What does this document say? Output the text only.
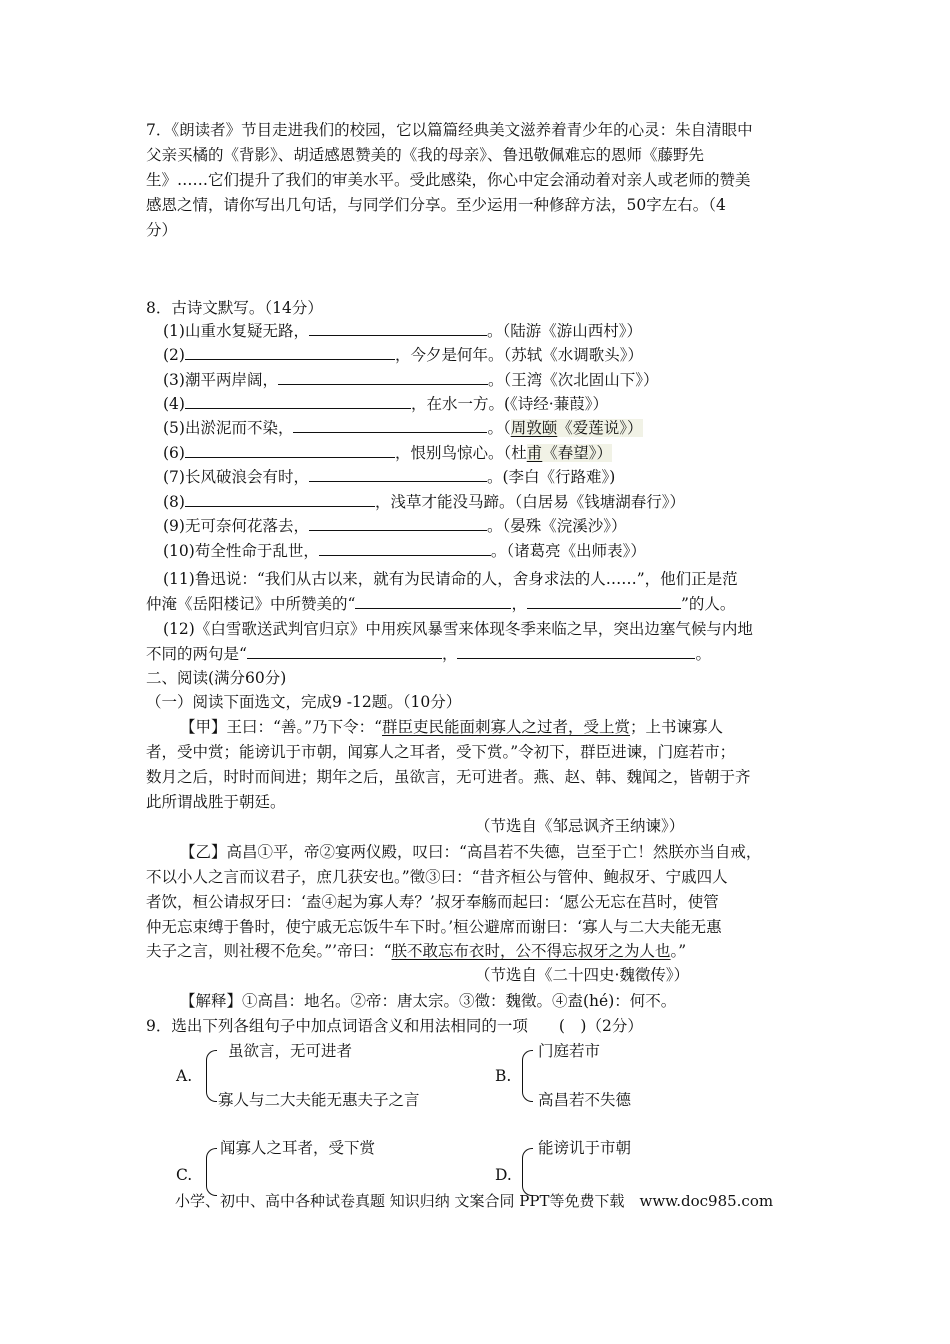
7．《朗读者》节目走进我们的校园，它以篇篇经典美文滋养着青少年的心灵：朱自清眼中
父亲买橘的《背影》、胡适感恩赞美的《我的母亲》、鲁迅敬佩难忘的恩师《藤野先
生》……它们提升了我们的审美水平。受此感染，你心中定会涌动着对亲人或老师的赞美
感恩之情，请你写出几句话，与同学们分享。至少运用一种修辞方法，50字左右。（4
分）
8．古诗文默写。（14分）
(1)山重水复疑无路，	。（陆游《游山西村》）
(2)	，今夕是何年。（苏轼《水调歌头》）
(3)潮平两岸阔，	。（王湾《次北固山下》）
(4)	，在水一方。(《诗经·蒹葭》）
(5)出淤泥而不染，	。（周敦颐《爱莲说》）
(6)	，恨别鸟惊心。（杜甫《春望》）
(7)长风破浪会有时，	。(李白《行路难》)
(8)	，浅草才能没马蹄。（白居易《钱塘湖春行》）
(9)无可奈何花落去，	。（晏殊《浣溪沙》）
(10)苟全性命于乱世，	。（诸葛亮《出师表》）
(11)鲁迅说：“我们从古以来，就有为民请命的人，舍身求法的人……”，他们正是范
仲淹《岳阳楼记》中所赞美的“	，	”的人。
(12)《白雪歌送武判官归京》中用疾风暴雪来体现冬季来临之早，突出边塞气候与内地
不同的两句是“	，	。
二、阅读(满分60分)
（一）阅读下面选文，完成9 -12题。（10分）
【甲】王曰：“善。”乃下令：“群臣吏民能面刺寡人之过者，受上赏；上书谏寡人
者，受中赏；能谤讥于市朝，闻寡人之耳者，受下赏。”令初下，群臣进谏，门庭若市；
数月之后，时时而间进；期年之后，虽欲言，无可进者。燕、赵、韩、魏闻之，皆朝于齐
此所谓战胜于朝廷。
（节选自《邹忌讽齐王纳谏》）
【乙】高昌①平，帝②宴两仪殿，叹曰：“高昌若不失德，岂至于亡！然朕亦当自戒，
不以小人之言而议君子，庶几获安也。”徵③曰：“昔齐桓公与管仲、鲍叔牙、宁戚四人
者饮，桓公请叔牙曰：‘盍④起为寡人寿？’叔牙奉觞而起曰：‘愿公无忘在莒时，使管
仲无忘束缚于鲁时，使宁戚无忘饭牛车下时。’桓公避席而谢曰：‘寡人与二大夫能无惠
夫子之言，则社稷不危矣。”’帝曰：“朕不敢忘布衣时，公不得忘叔牙之为人也。”
（节选自《二十四史·魏徵传》）
【解释】①高昌：地名。②帝：唐太宗。③徵：魏徵。④盍(hé)：何不。
9．选出下列各组句子中加点词语含义和用法相同的一项　　(　)（2分）
A.
虽欲言，无可进者
寡人与二大夫能无惠夫子之言
B.
门庭若市
高昌若不失德
C.
闻寡人之耳者，受下赏
D.
能谤讥于市朝
小学、初中、高中各种试卷真题 知识归纳 文案合同 PPT等免费下载　www.doc985.com
